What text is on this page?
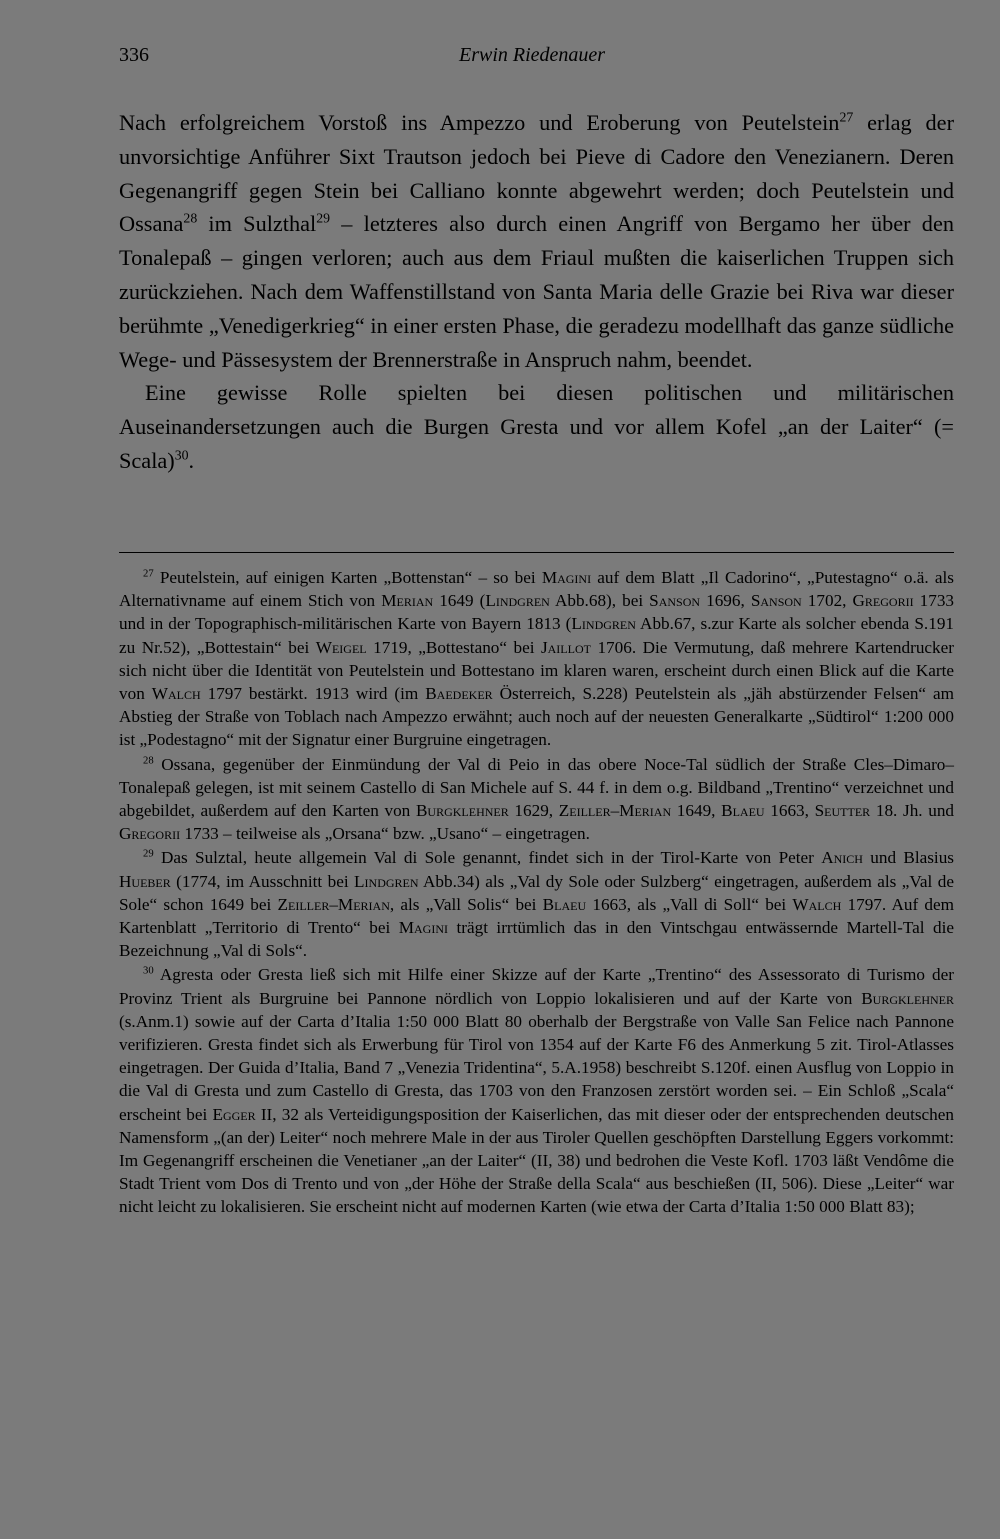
336	Erwin Riedenauer

Nach erfolgreichem Vorstoß ins Ampezzo und Eroberung von Peutelstein$^{27}$ erlag der unvorsichtige Anführer Sixt Trautson jedoch bei Pieve di Cadore den Venezianern. Deren Gegenangriff gegen Stein bei Calliano konnte abgewehrt werden; doch Peutelstein und Ossana$^{28}$ im Sulzthal$^{29}$ – letzteres also durch einen Angriff von Bergamo her über den Tonalepaß – gingen verloren; auch aus dem Friaul mußten die kaiserlichen Truppen sich zurückziehen. Nach dem Waffenstillstand von Santa Maria delle Grazie bei Riva war dieser berühmte „Venedigerkrieg“ in einer ersten Phase, die geradezu modellhaft das ganze südliche Wege- und Pässesystem der Brennerstraße in Anspruch nahm, beendet.

Eine gewisse Rolle spielten bei diesen politischen und militärischen Auseinandersetzungen auch die Burgen Gresta und vor allem Kofel „an der Laiter“ (= Scala)$^{30}$.

$^{27}$ Peutelstein, auf einigen Karten „Bottenstan“ – so bei Magini auf dem Blatt „Il Cadorino“, „Putestagno“ o.ä. als Alternativname auf einem Stich von Merian 1649 (Lindgren Abb.68), bei Sanson 1696, Sanson 1702, Gregorii 1733 und in der Topographisch-militärischen Karte von Bayern 1813 (Lindgren Abb.67, s.zur Karte als solcher ebenda S.191 zu Nr.52), „Bottestain“ bei Weigel 1719, „Bottestano“ bei Jaillot 1706. Die Vermutung, daß mehrere Kartendrucker sich nicht über die Identität von Peutelstein und Bottestano im klaren waren, erscheint durch einen Blick auf die Karte von Walch 1797 bestärkt. 1913 wird (im Baedeker Österreich, S.228) Peutelstein als „jäh abstürzender Felsen“ am Abstieg der Straße von Toblach nach Ampezzo erwähnt; auch noch auf der neuesten Generalkarte „Südtirol“ 1:200 000 ist „Podestagno“ mit der Signatur einer Burgruine eingetragen.

$^{28}$ Ossana, gegenüber der Einmündung der Val di Peio in das obere Noce-Tal südlich der Straße Cles–Dimaro–Tonalepaß gelegen, ist mit seinem Castello di San Michele auf S. 44 f. in dem o.g. Bildband „Trentino“ verzeichnet und abgebildet, außerdem auf den Karten von Burgklehner 1629, Zeiller–Merian 1649, Blaeu 1663, Seutter 18. Jh. und Gregorii 1733 – teilweise als „Orsana“ bzw. „Usano“ – eingetragen.

$^{29}$ Das Sulztal, heute allgemein Val di Sole genannt, findet sich in der Tirol-Karte von Peter Anich und Blasius Hueber (1774, im Ausschnitt bei Lindgren Abb.34) als „Val dy Sole oder Sulzberg“ eingetragen, außerdem als „Val de Sole“ schon 1649 bei Zeiller–Merian, als „Vall Solis“ bei Blaeu 1663, als „Vall di Soll“ bei Walch 1797. Auf dem Kartenblatt „Territorio di Trento“ bei Magini trägt irrtümlich das in den Vintschgau entwässernde Martell-Tal die Bezeichnung „Val di Sols“.

$^{30}$ Agresta oder Gresta ließ sich mit Hilfe einer Skizze auf der Karte „Trentino“ des Assessorato di Turismo der Provinz Trient als Burgruine bei Pannone nördlich von Loppio lokalisieren und auf der Karte von Burgklehner (s.Anm.1) sowie auf der Carta d’Italia 1:50 000 Blatt 80 oberhalb der Bergstraße von Valle San Felice nach Pannone verifizieren. Gresta findet sich als Erwerbung für Tirol von 1354 auf der Karte F6 des Anmerkung 5 zit. Tirol-Atlasses eingetragen. Der Guida d’Italia, Band 7 „Venezia Tridentina“, 5.A.1958) beschreibt S.120f. einen Ausflug von Loppio in die Val di Gresta und zum Castello di Gresta, das 1703 von den Franzosen zerstört worden sei. – Ein Schloß „Scala“ erscheint bei Egger II, 32 als Verteidigungsposition der Kaiserlichen, das mit dieser oder der entsprechenden deutschen Namensform „(an der) Leiter“ noch mehrere Male in der aus Tiroler Quellen geschöpften Darstellung Eggers vorkommt: Im Gegenangriff erscheinen die Venetianer „an der Laiter“ (II, 38) und bedrohen die Veste Kofl. 1703 läßt Vendôme die Stadt Trient vom Dos di Trento und von „der Höhe der Straße della Scala“ aus beschießen (II, 506). Diese „Leiter“ war nicht leicht zu lokalisieren. Sie erscheint nicht auf modernen Karten (wie etwa der Carta d’Italia 1:50 000 Blatt 83);
